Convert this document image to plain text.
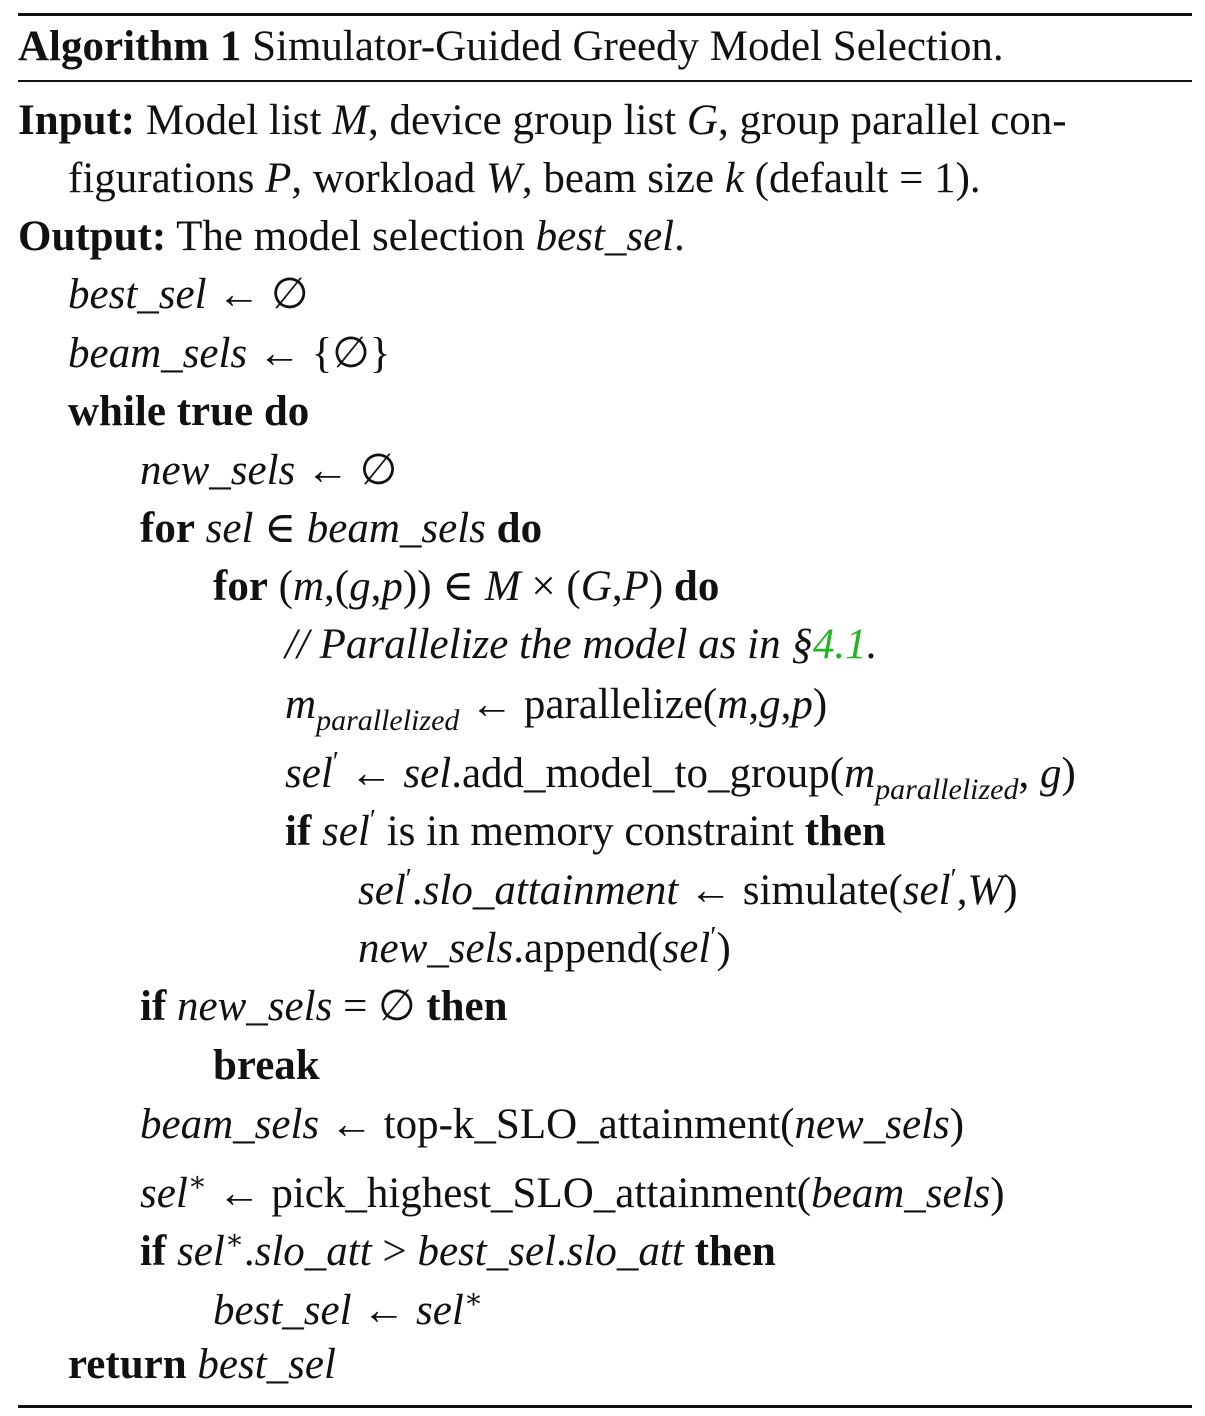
Algorithm 1 Simulator-Guided Greedy Model Selection.
Input: Model list M, device group list G, group parallel con-
figurations P, workload W, beam size k (default = 1).
Output: The model selection best_sel.
best_sel ← ∅
beam_sels ← {∅}
while true do
new_sels ← ∅
for sel ∈ beam_sels do
for (m,(g,p)) ∈ M × (G,P) do
// Parallelize the model as in §4.1.
$m_{parallelized}$ ← parallelize(m,g,p)
sel′ ← $sel.add\_model\_to\_group(m_{parallelized}$, g)
if sel′ is in memory constraint then
sel′.slo_attainment ← simulate(sel′,W)
new_sels.append(sel′)
if new_sels = ∅ then
break
beam_sels ← top-k_SLO_attainment(new_sels)
sel∗ ← pick_highest_SLO_attainment(beam_sels)
if sel∗.slo_att > best_sel.slo_att then
best_sel ← sel∗
return best_sel
